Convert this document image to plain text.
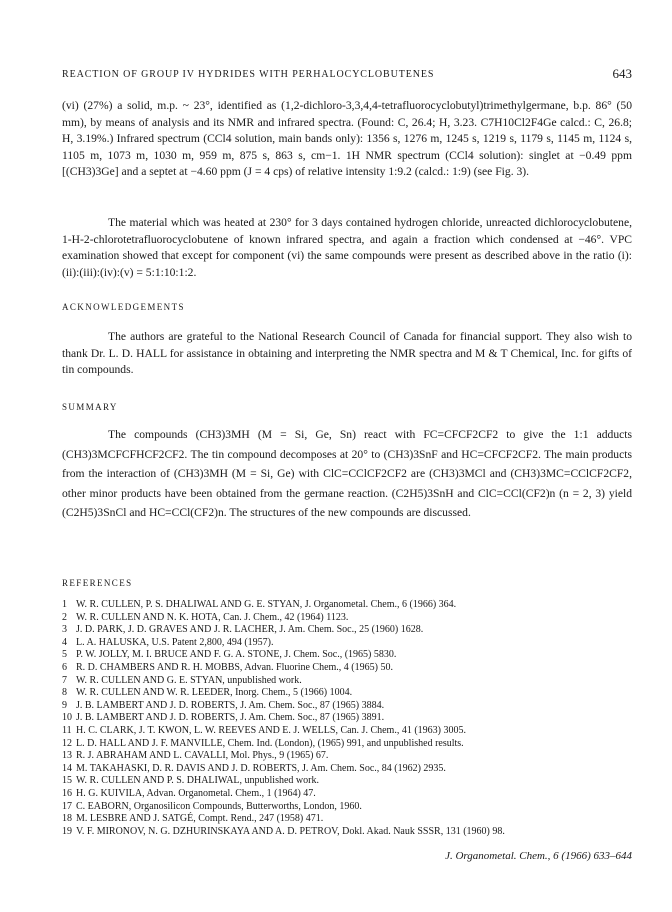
REACTION OF GROUP IV HYDRIDES WITH PERHALOCYCLOBUTENES	643

(vi) (27%) a solid, m.p. ~ 23°, identified as (1,2-dichloro-3,3,4,4-tetrafluorocyclobutyl)trimethylgermane, b.p. 86° (50 mm), by means of analysis and its NMR and infrared spectra. (Found: C, 26.4; H, 3.23. C7H10Cl2F4Ge calcd.: C, 26.8; H, 3.19%.) Infrared spectrum (CCl4 solution, main bands only): 1356 s, 1276 m, 1245 s, 1219 s, 1179 s, 1145 m, 1124 s, 1105 m, 1073 m, 1030 m, 959 m, 875 s, 863 s, cm−1. 1H NMR spectrum (CCl4 solution): singlet at −0.49 ppm [(CH3)3Ge] and a septet at −4.60 ppm (J = 4 cps) of relative intensity 1:9.2 (calcd.: 1:9) (see Fig. 3).

The material which was heated at 230° for 3 days contained hydrogen chloride, unreacted dichlorocyclobutene, 1-H-2-chlorotetrafluorocyclobutene of known infrared spectra, and again a fraction which condensed at −46°. VPC examination showed that except for component (vi) the same compounds were present as described above in the ratio (i):(ii):(iii):(iv):(v) = 5:1:10:1:2.

ACKNOWLEDGEMENTS

The authors are grateful to the National Research Council of Canada for financial support. They also wish to thank Dr. L. D. HALL for assistance in obtaining and interpreting the NMR spectra and M & T Chemical, Inc. for gifts of tin compounds.

SUMMARY

The compounds (CH3)3MH (M = Si, Ge, Sn) react with FC=CFCF2CF2 to give the 1:1 adducts (CH3)3MCFCFHCF2CF2. The tin compound decomposes at 20° to (CH3)3SnF and HC=CFCF2CF2. The main products from the interaction of (CH3)3MH (M = Si, Ge) with ClC=CClCF2CF2 are (CH3)3MCl and (CH3)3MC=CClCF2CF2, other minor products have been obtained from the germane reaction. (C2H5)3SnH and ClC=CCl(CF2)n (n = 2, 3) yield (C2H5)3SnCl and HC=CCl(CF2)n. The structures of the new compounds are discussed.

REFERENCES
1 W. R. CULLEN, P. S. DHALIWAL AND G. E. STYAN, J. Organometal. Chem., 6 (1966) 364.
2 W. R. CULLEN AND N. K. HOTA, Can. J. Chem., 42 (1964) 1123.
3 J. D. PARK, J. D. GRAVES AND J. R. LACHER, J. Am. Chem. Soc., 25 (1960) 1628.
4 L. A. HALUSKA, U.S. Patent 2,800, 494 (1957).
5 P. W. JOLLY, M. I. BRUCE AND F. G. A. STONE, J. Chem. Soc., (1965) 5830.
6 R. D. CHAMBERS AND R. H. MOBBS, Advan. Fluorine Chem., 4 (1965) 50.
7 W. R. CULLEN AND G. E. STYAN, unpublished work.
8 W. R. CULLEN AND W. R. LEEDER, Inorg. Chem., 5 (1966) 1004.
9 J. B. LAMBERT AND J. D. ROBERTS, J. Am. Chem. Soc., 87 (1965) 3884.
10 J. B. LAMBERT AND J. D. ROBERTS, J. Am. Chem. Soc., 87 (1965) 3891.
11 H. C. CLARK, J. T. KWON, L. W. REEVES AND E. J. WELLS, Can. J. Chem., 41 (1963) 3005.
12 L. D. HALL AND J. F. MANVILLE, Chem. Ind. (London), (1965) 991, and unpublished results.
13 R. J. ABRAHAM AND L. CAVALLI, Mol. Phys., 9 (1965) 67.
14 M. TAKAHASKI, D. R. DAVIS AND J. D. ROBERTS, J. Am. Chem. Soc., 84 (1962) 2935.
15 W. R. CULLEN AND P. S. DHALIWAL, unpublished work.
16 H. G. KUIVILA, Advan. Organometal. Chem., 1 (1964) 47.
17 C. EABORN, Organosilicon Compounds, Butterworths, London, 1960.
18 M. LESBRE AND J. SATGÉ, Compt. Rend., 247 (1958) 471.
19 V. F. MIRONOV, N. G. DZHURINSKAYA AND A. D. PETROV, Dokl. Akad. Nauk SSSR, 131 (1960) 98.
J. Organometal. Chem., 6 (1966) 633–644
